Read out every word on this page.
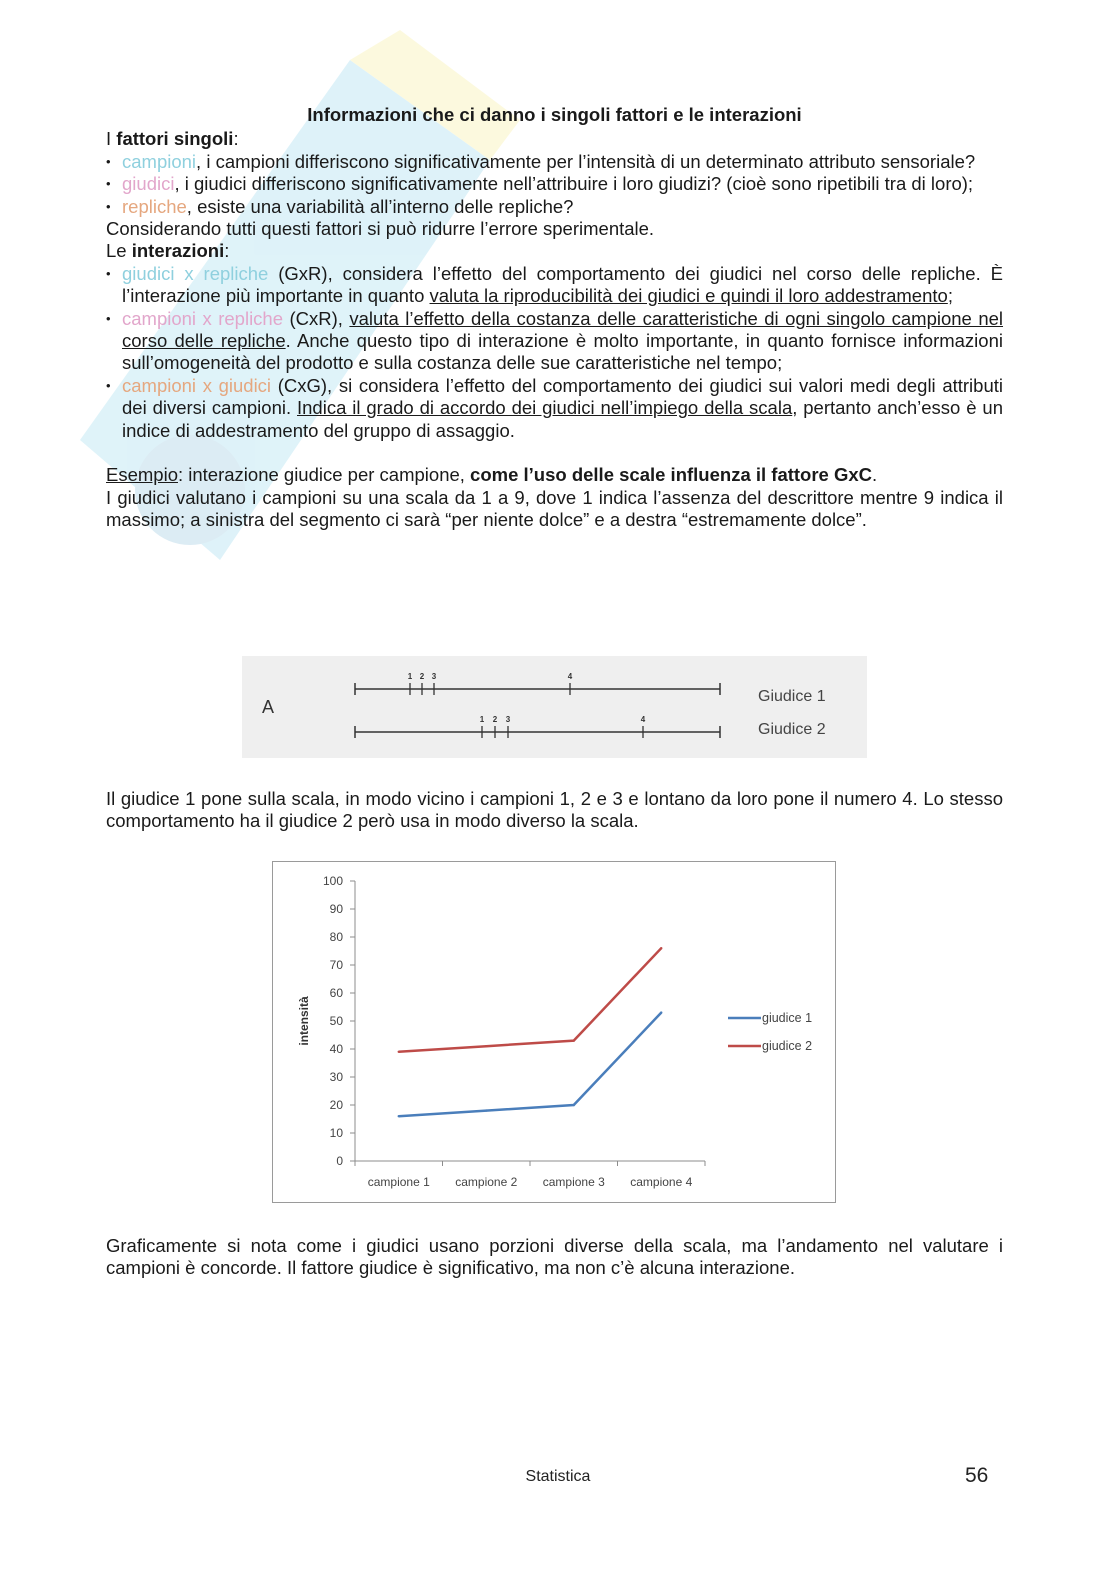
Informazioni che ci danno i singoli fattori e le interazioni

I fattori singoli:

• campioni, i campioni differiscono significativamente per l’intensità di un determinato attributo sensoriale?
• giudici, i giudici differiscono significativamente nell’attribuire i loro giudizi? (cioè sono ripetibili tra di loro);
• repliche, esiste una variabilità all’interno delle repliche?

Considerando tutti questi fattori si può ridurre l’errore sperimentale.

Le interazioni:

• giudici x repliche (GxR), considera l’effetto del comportamento dei giudici nel corso delle repliche. È l’interazione più importante in quanto valuta la riproducibilità dei giudici e quindi il loro addestramento;
• campioni x repliche (CxR), valuta l’effetto della costanza delle caratteristiche di ogni singolo campione nel corso delle repliche. Anche questo tipo di interazione è molto importante, in quanto fornisce informazioni sull’omogeneità del prodotto e sulla costanza delle sue caratteristiche nel tempo;
• campioni x giudici (CxG), si considera l’effetto del comportamento dei giudici sui valori medi degli attributi dei diversi campioni. Indica il grado di accordo dei giudici nell’impiego della scala, pertanto anch’esso è un indice di addestramento del gruppo di assaggio.

Esempio: interazione giudice per campione, come l’uso delle scale influenza il fattore GxC.

I giudici valutano i campioni su una scala da 1 a 9, dove 1 indica l’assenza del descrittore mentre 9 indica il massimo; a sinistra del segmento ci sarà “per niente dolce” e a destra “estremamente dolce”.

A
1 2 3	4
Giudice 1
1 2 3	4
Giudice 2

Il giudice 1 pone sulla scala, in modo vicino i campioni 1, 2 e 3 e lontano da loro pone il numero 4. Lo stesso comportamento ha il giudice 2 però usa in modo diverso la scala.

0
10
20
30
40
50
60
70
80
90
100
campione 1 campione 2 campione 3 campione 4
intensità	giudice 1
giudice 2

Graficamente si nota come i giudici usano porzioni diverse della scala, ma l’andamento nel valutare i campioni è concorde. Il fattore giudice è significativo, ma non c’è alcuna interazione.

Statistica	56
